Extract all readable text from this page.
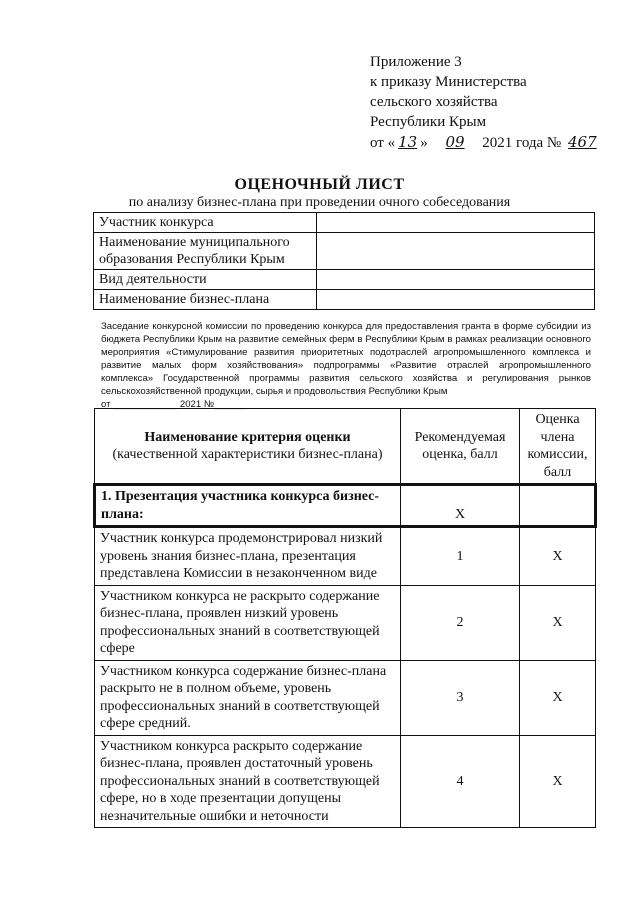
Приложение 3
к приказу Министерства
сельского хозяйства
Республики Крым
от « 13 » 09 2021 года № 467
ОЦЕНОЧНЫЙ ЛИСТ
по анализу бизнес-плана при проведении очного собеседования
Участник конкурса	
Наименование муниципального образования Республики Крым	
Вид деятельности	
Наименование бизнес-плана	
Заседание конкурсной комиссии по проведению конкурса для предоставления гранта в форме субсидии из бюджета Республики Крым на развитие семейных ферм в Республики Крым в рамках реализации основного мероприятия «Стимулирование развития приоритетных подотраслей агропромышленного комплекса и развитие малых форм хозяйствования» подпрограммы «Развитие отраслей агропромышленного комплекса» Государственной программы развития сельского хозяйства и регулирования рынков сельскохозяйственной продукции, сырья и продовольствия Республики Крым
от ____________ 2021 №______
Наименование критерия оценки
(качественной характеристики бизнес-плана)	Рекомендуемая оценка, балл	Оценка члена комиссии, балл
1. Презентация участника конкурса бизнес-плана:	X	
Участник конкурса продемонстрировал низкий уровень знания бизнес-плана, презентация представлена Комиссии в незаконченном виде	1	X
Участником конкурса не раскрыто содержание бизнес-плана, проявлен низкий уровень профессиональных знаний в соответствующей сфере	2	X
Участником конкурса содержание бизнес-плана раскрыто не в полном объеме, уровень профессиональных знаний в соответствующей сфере средний.	3	X
Участником конкурса раскрыто содержание бизнес-плана, проявлен достаточный уровень профессиональных знаний в соответствующей сфере, но в ходе презентации допущены незначительные ошибки и неточности	4	X
